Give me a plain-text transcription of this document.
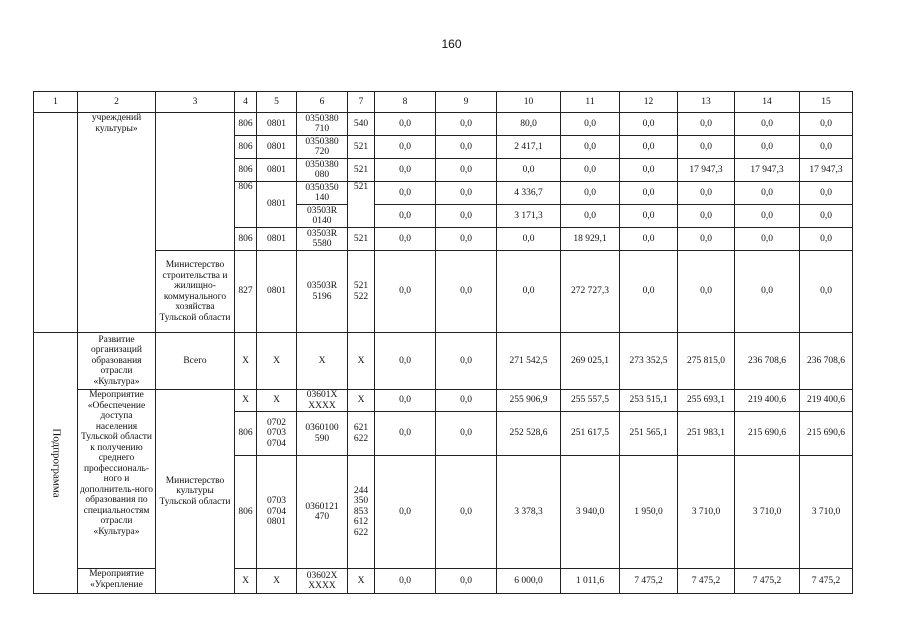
160
1	2	3	4	5	6	7	8	9	10	11	12	13	14	15
	учреждений культуры»		806	0801	0350380 710	540	0,0	0,0	80,0	0,0	0,0	0,0	0,0	0,0
			806	0801	0350380 720	521	0,0	0,0	2 417,1	0,0	0,0	0,0	0,0	0,0
			806	0801	0350380 080	521	0,0	0,0	0,0	0,0	0,0	17 947,3	17 947,3	17 947,3
			806	0801	0350350 140	521	0,0	0,0	4 336,7	0,0	0,0	0,0	0,0	0,0
					03503R 0140		0,0	0,0	3 171,3	0,0	0,0	0,0	0,0	0,0
			806	0801	03503R 5580	521	0,0	0,0	0,0	18 929,1	0,0	0,0	0,0	0,0

		Министерство строительства и жилищно-коммунального хозяйства Тульской области	827	0801	03503R 5196	521 522	0,0	0,0	0,0	272 727,3	0,0	0,0	0,0	0,0

Подпрограмма	Развитие организаций образования отрасли «Культура»	Всего	X	X	X	X	0,0	0,0	271 542,5	269 025,1	273 352,5	275 815,0	236 708,6	236 708,6
	Мероприятие «Обеспечение доступа населения Тульской области к получению среднего профессиональ-ного и дополнитель-ного образования по специальностям отрасли «Культура»	Министерство культуры Тульской области	X	X	03601X XXXX	X	0,0	0,0	255 906,9	255 557,5	253 515,1	255 693,1	219 400,6	219 400,6
			806	0702 0703 0704	0360100 590	621 622	0,0	0,0	252 528,6	251 617,5	251 565,1	251 983,1	215 690,6	215 690,6
			806	0703 0704 0801	0360121 470	244 350 853 612 622	0,0	0,0	3 378,3	3 940,0	1 950,0	3 710,0	3 710,0	3 710,0
	Мероприятие «Укрепление		X	X	03602X XXXX	X	0,0	0,0	6 000,0	1 011,6	7 475,2	7 475,2	7 475,2	7 475,2
